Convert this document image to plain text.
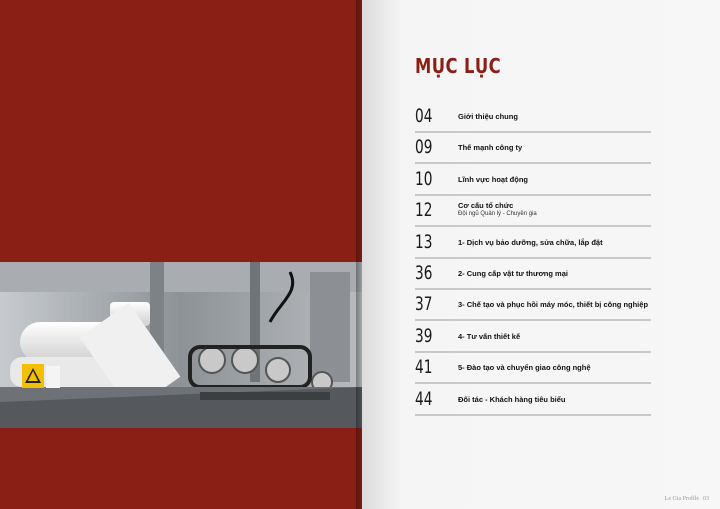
MỤC LỤC
04	Giới thiệu chung
09	Thế mạnh công ty
10	Lĩnh vực hoạt động
12	Cơ cấu tổ chức
Đội ngũ Quản lý - Chuyên gia
13	1- Dịch vụ bảo dưỡng, sửa chữa, lắp đặt
36	2- Cung cấp vật tư thương mại
37	3- Chế tạo và phục hồi máy móc, thiết bị công nghiệp
39	4- Tư vấn thiết kế
41	5- Đào tạo và chuyển giao công nghệ
44	Đối tác - Khách hàng tiêu biểu
Le Gia Profile 03
